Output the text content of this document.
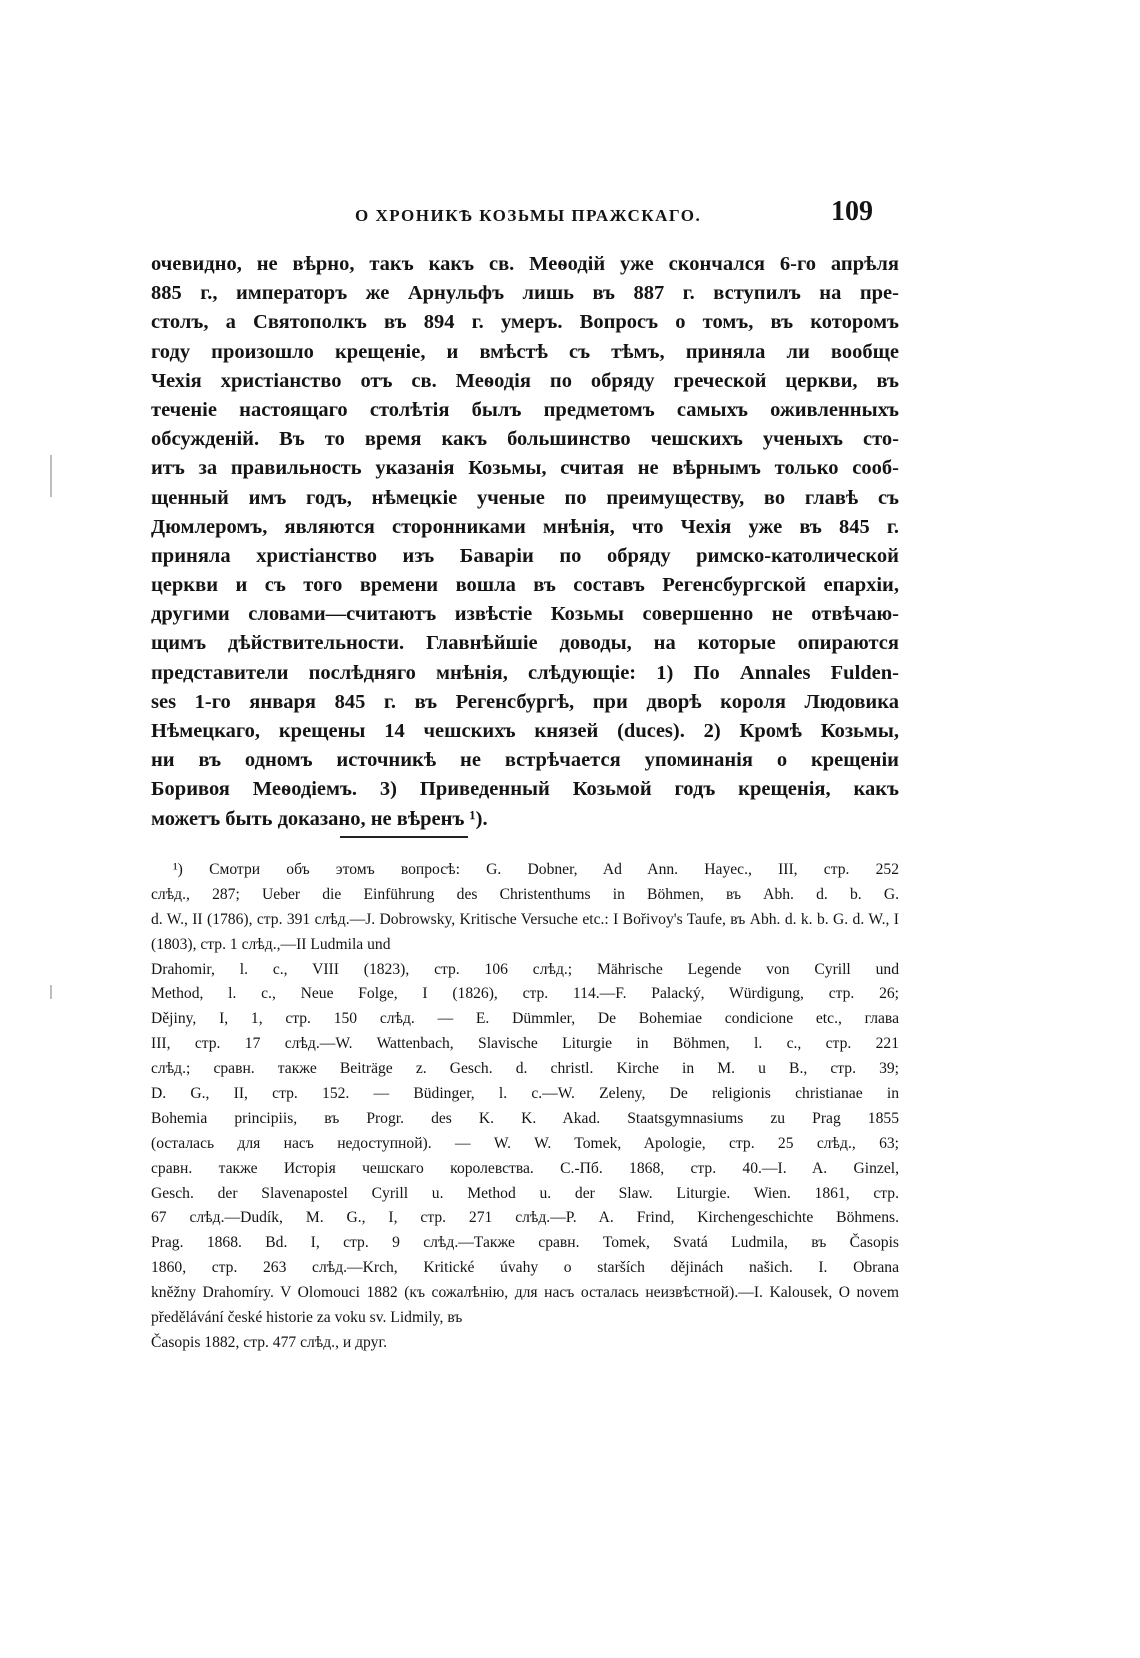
О ХРОНИКѢ КОЗЬМЫ ПРАЖСКАГО.	109
очевидно, не вѣрно, такъ какъ св. Меѳодій уже скончался 6-го апрѣля
885 г., императоръ же Арнульфъ лишь въ 887 г. вступилъ на пре-
столъ, а Святополкъ въ 894 г. умеръ. Вопросъ о томъ, въ которомъ
году произошло крещеніе, и вмѣстѣ съ тѣмъ, приняла ли вообще
Чехія христіанство отъ св. Меѳодія по обряду греческой церкви, въ
теченіе настоящаго столѣтія былъ предметомъ самыхъ оживленныхъ
обсужденій. Въ то время какъ большинство чешскихъ ученыхъ сто-
итъ за правильность указанія Козьмы, считая не вѣрнымъ только сооб-
щенный имъ годъ, нѣмецкіе ученые по преимуществу, во главѣ съ
Дюмлеромъ, являются сторонниками мнѣнія, что Чехія уже въ 845 г.
приняла христіанство изъ Баваріи по обряду римско-католической
церкви и съ того времени вошла въ составъ Регенсбургской епархіи,
другими словами—считаютъ извѣстіе Козьмы совершенно не отвѣчаю-
щимъ дѣйствительности. Главнѣйшіе доводы, на которые опираются
представители послѣдняго мнѣнія, слѣдующіе: 1) По Annales Fulden-
ses 1-го января 845 г. въ Регенсбургѣ, при дворѣ короля Людовика
Нѣмецкаго, крещены 14 чешскихъ князей (duces). 2) Кромѣ Козьмы,
ни въ одномъ источникѣ не встрѣчается упоминанія о крещеніи
Боривоя Меѳодіемъ. 3) Приведенный Козьмой годъ крещенія, какъ
можетъ быть доказано, не вѣренъ ¹).
¹) Смотри объ этомъ вопросѣ: G. Dobner, Ad Ann. Hayec., III, стр. 252
слѣд., 287; Ueber die Einführung des Christenthums in Böhmen, въ Abh. d. b. G.
d. W., II (1786), стр. 391 слѣд.—J. Dobrowsky, Kritische Versuche etc.: I Bořivoy's Taufe, въ Abh. d. k. b. G. d. W., I (1803), стр. 1 слѣд.,—II Ludmila und
Drahomir, l. c., VIII (1823), стр. 106 слѣд.; Mährische Legende von Cyrill und
Method, l. c., Neue Folge, I (1826), стр. 114.—F. Palacký, Würdigung, стр. 26;
Dějiny, I, 1, стр. 150 слѣд. — E. Dümmler, De Bohemiae condicione etc., глава
III, стр. 17 слѣд.—W. Wattenbach, Slavische Liturgie in Böhmen, l. c., стр. 221
слѣд.; сравн. также Beiträge z. Gesch. d. christl. Kirche in M. u B., стр. 39;
D. G., II, стр. 152. — Büdinger, l. c.—W. Zeleny, De religionis christianae in
Bohemia principiis, въ Progr. des K. K. Akad. Staatsgymnasiums zu Prag 1855
(осталась для насъ недоступной). — W. W. Tomek, Apologie, стр. 25 слѣд., 63;
сравн. также Исторія чешскаго королевства. С.-Пб. 1868, стр. 40.—I. A. Ginzel,
Gesch. der Slavenapostel Cyrill u. Method u. der Slaw. Liturgie. Wien. 1861, стр.
67 слѣд.—Dudík, M. G., I, стр. 271 слѣд.—P. A. Frind, Kirchengeschichte Böhmens.
Prag. 1868. Bd. I, стр. 9 слѣд.—Также сравн. Tomek, Svatá Ludmila, въ Časopis
1860, стр. 263 слѣд.—Krch, Kritické úvahy o starších dějinách našich. I. Obrana
kněžny Drahomíry. V Olomouci 1882 (къ сожалѣнію, для насъ осталась неизвѣстной).—I. Kalousek, O novem předělávání české historie za voku sv. Lidmily, въ
Časopis 1882, стр. 477 слѣд., и друг.
